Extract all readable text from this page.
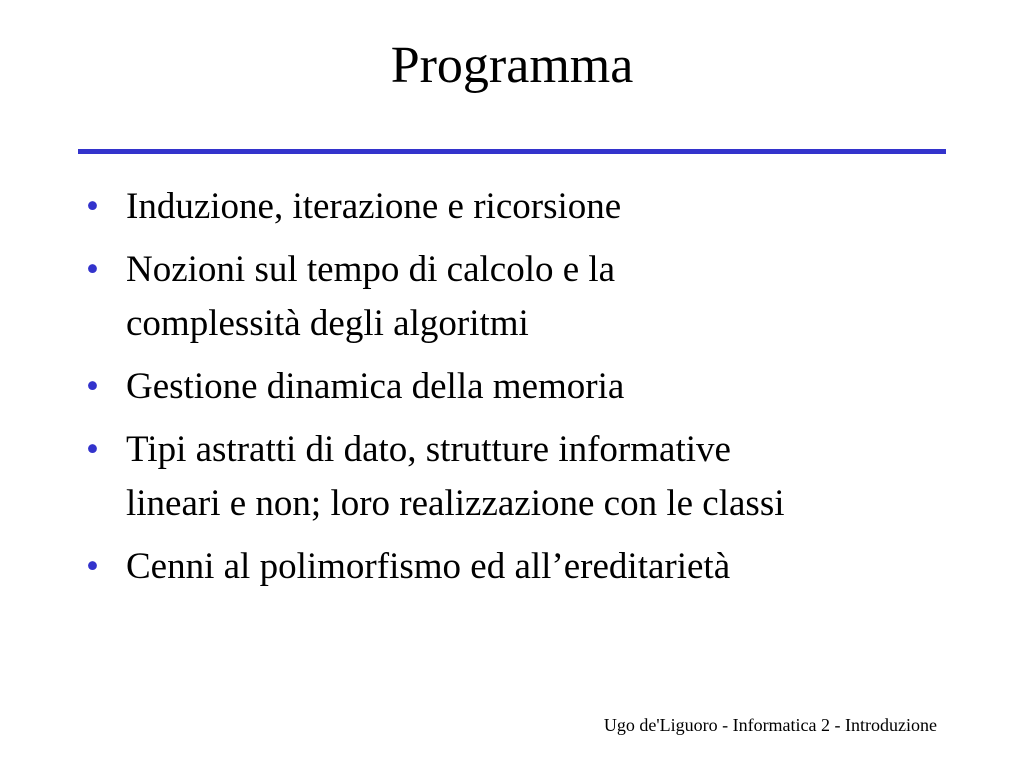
Programma
• Induzione, iterazione e ricorsione
• Nozioni sul tempo di calcolo e la
complessità degli algoritmi
• Gestione dinamica della memoria
• Tipi astratti di dato, strutture informative
lineari e non; loro realizzazione con le classi
• Cenni al polimorfismo ed all’ereditarietà

Ugo de'Liguoro - Informatica 2 - Introduzione
